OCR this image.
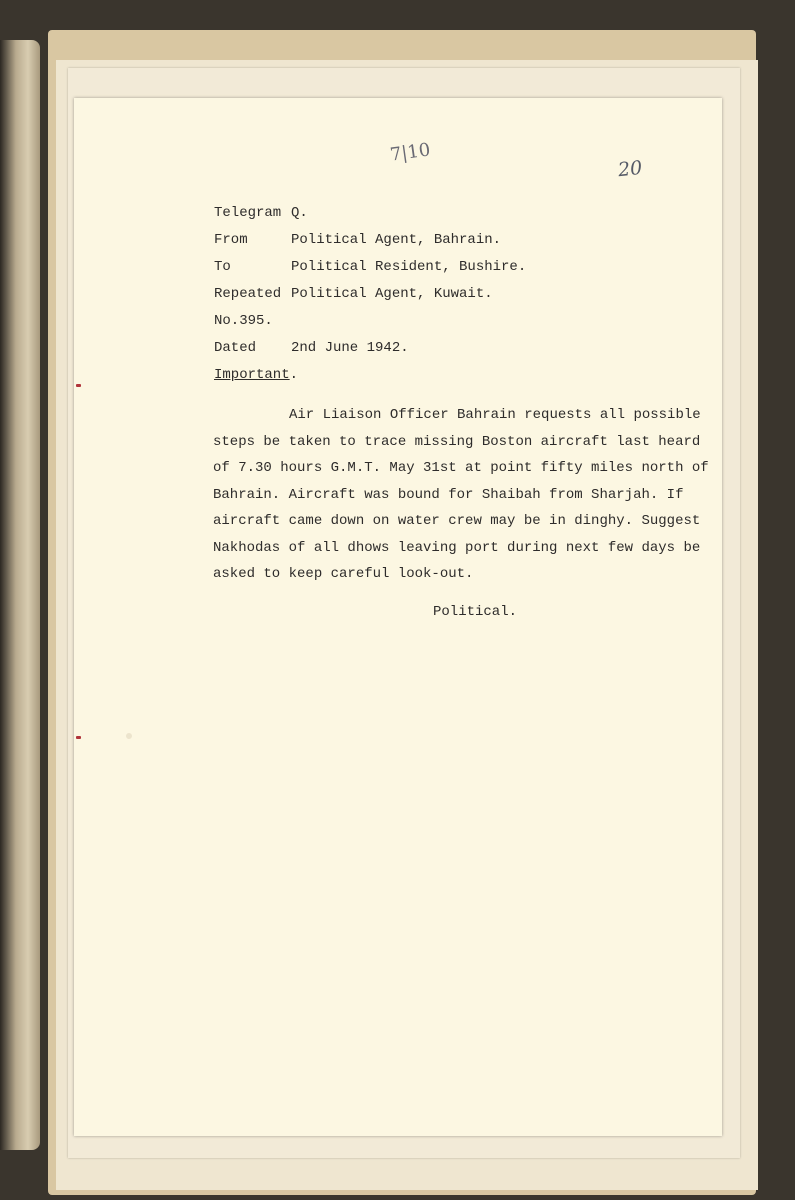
7|10
20
Telegram Q.
From	Political Agent, Bahrain.
To	Political Resident, Bushire.
Repeated Political Agent, Kuwait.
No.395.
Dated 2nd June 1942.
Important.
Air Liaison Officer Bahrain requests all possible
steps be taken to trace missing Boston aircraft last heard
of 7.30 hours G.M.T. May 31st at point fifty miles north of
Bahrain. Aircraft was bound for Shaibah from Sharjah. If
aircraft came down on water crew may be in dinghy. Suggest
Nakhodas of all dhows leaving port during next few days be
asked to keep careful look-out.
Political.
